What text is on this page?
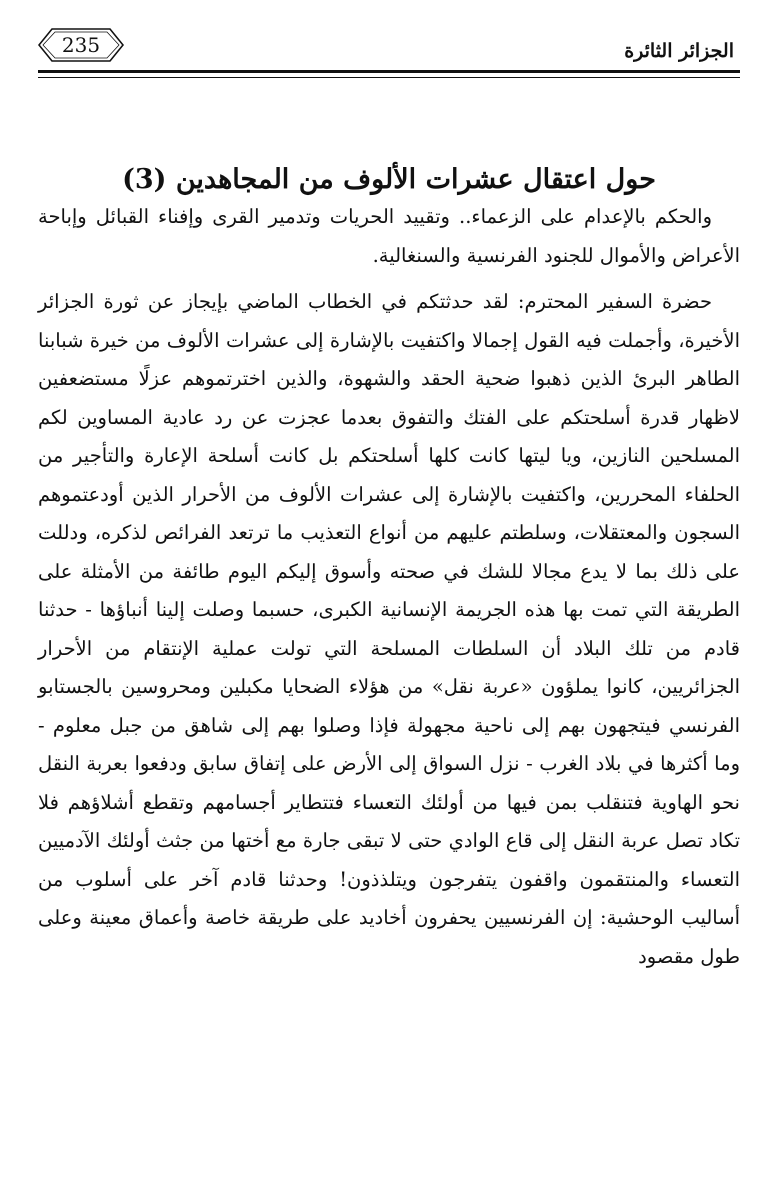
الجزائر الثائرة
235
حول اعتقال عشرات الألوف من المجاهدين (3)

والحكم بالإعدام على الزعماء.. وتقييد الحريات وتدمير القرى وإفناء القبائل وإباحة الأعراض والأموال للجنود الفرنسية والسنغالية.

حضرة السفير المحترم: لقد حدثتكم في الخطاب الماضي بإيجاز عن ثورة الجزائر الأخيرة، وأجملت فيه القول إجمالا واكتفيت بالإشارة إلى عشرات الألوف من خيرة شبابنا الطاهر البرئ الذين ذهبوا ضحية الحقد والشهوة، والذين اخترتموهم عزلًا مستضعفين لاظهار قدرة أسلحتكم على الفتك والتفوق بعدما عجزت عن رد عادية المساوين لكم المسلحين النازين، ويا ليتها كانت كلها أسلحتكم بل كانت أسلحة الإعارة والتأجير من الحلفاء المحررين، واكتفيت بالإشارة إلى عشرات الألوف من الأحرار الذين أودعتموهم السجون والمعتقلات، وسلطتم عليهم من أنواع التعذيب ما ترتعد الفرائص لذكره، ودللت على ذلك بما لا يدع مجالا للشك في صحته وأسوق إليكم اليوم طائفة من الأمثلة على الطريقة التي تمت بها هذه الجريمة الإنسانية الكبرى، حسبما وصلت إلينا أنباؤها - حدثنا قادم من تلك البلاد أن السلطات المسلحة التي تولت عملية الإنتقام من الأحرار الجزائريين، كانوا يملؤون «عربة نقل» من هؤلاء الضحايا مكبلين ومحروسين بالجستابو الفرنسي فيتجهون بهم إلى ناحية مجهولة فإذا وصلوا بهم إلى شاهق من جبل معلوم - وما أكثرها في بلاد الغرب - نزل السواق إلى الأرض على إتفاق سابق ودفعوا بعربة النقل نحو الهاوية فتنقلب بمن فيها من أولئك التعساء فتتطاير أجسامهم وتقطع أشلاؤهم فلا تكاد تصل عربة النقل إلى قاع الوادي حتى لا تبقى جارة مع أختها من جثث أولئك الآدميين التعساء والمنتقمون واقفون يتفرجون ويتلذذون! وحدثنا قادم آخر على أسلوب من أساليب الوحشية: إن الفرنسيين يحفرون أخاديد على طريقة خاصة وأعماق معينة وعلى طول مقصود
